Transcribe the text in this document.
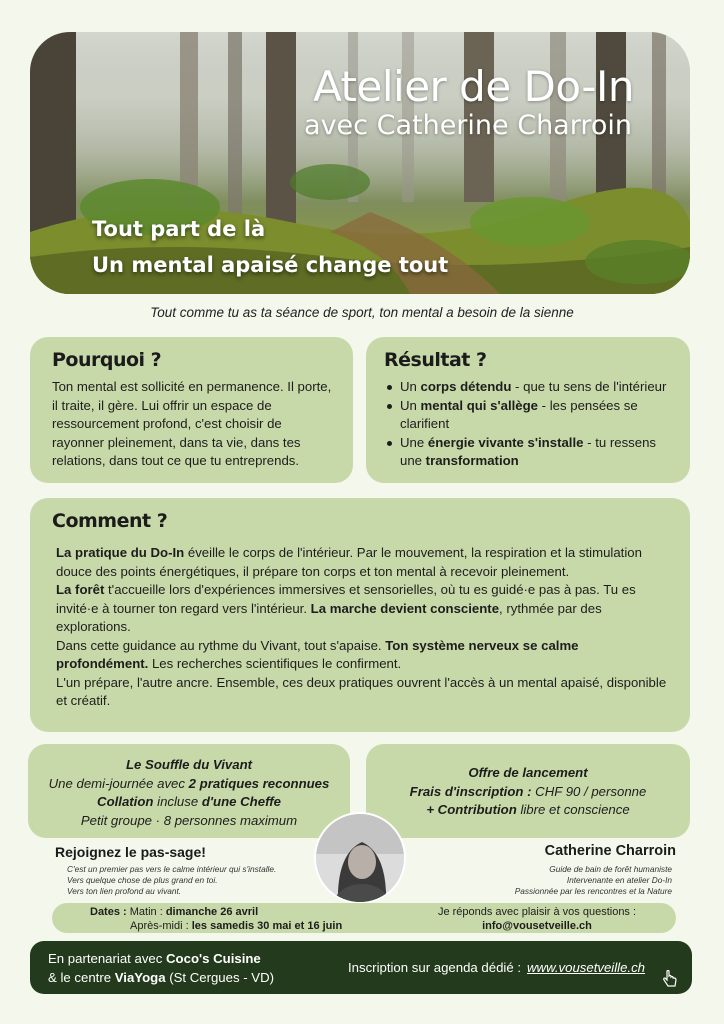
Atelier de Do-In
avec Catherine Charroin
Tout part de là
Un mental apaisé change tout
Tout comme tu as ta séance de sport, ton mental a besoin de la sienne
Pourquoi ?

Ton mental est sollicité en permanence. Il porte, il traite, il gère. Lui offrir un espace de ressourcement profond, c'est choisir de rayonner pleinement, dans ta vie, dans tes relations, dans tout ce que tu entreprends.

Résultat ?
Un corps détendu - que tu sens de l'intérieur
Un mental qui s'allège - les pensées se clarifient
Une énergie vivante s'installe - tu ressens une transformation
Comment ?

La pratique du Do-In éveille le corps de l'intérieur. Par le mouvement, la respiration et la stimulation douce des points énergétiques, il prépare ton corps et ton mental à recevoir pleinement.

La forêt t'accueille lors d'expériences immersives et sensorielles, où tu es guidé·e pas à pas. Tu es invité·e à tourner ton regard vers l'intérieur. La marche devient consciente, rythmée par des explorations.

Dans cette guidance au rythme du Vivant, tout s'apaise. Ton système nerveux se calme profondément. Les recherches scientifiques le confirment.

L'un prépare, l'autre ancre. Ensemble, ces deux pratiques ouvrent l'accès à un mental apaisé, disponible et créatif.

Le Souffle du Vivant
Une demi-journée avec 2 pratiques reconnues
Collation incluse d'une Cheffe
Petit groupe · 8 personnes maximum
Offre de lancement
Frais d'inscription : CHF 90 / personne
+ Contribution libre et conscience
Rejoignez le pas-sage!
C'est un premier pas vers le calme intérieur qui s'installe.
Vers quelque chose de plus grand en toi.
Vers ton lien profond au vivant.
Catherine Charroin
Guide de bain de forêt humaniste
Intervenante en atelier Do-In
Passionnée par les rencontres et la Nature
Dates : Matin : dimanche 26 avril
Après-midi : les samedis 30 mai et 16 juin
Je réponds avec plaisir à vos questions :
info@vousetveille.ch
En partenariat avec Coco's Cuisine
& le centre ViaYoga (St Cergues - VD)
Inscription sur agenda dédié : www.vousetveille.ch
